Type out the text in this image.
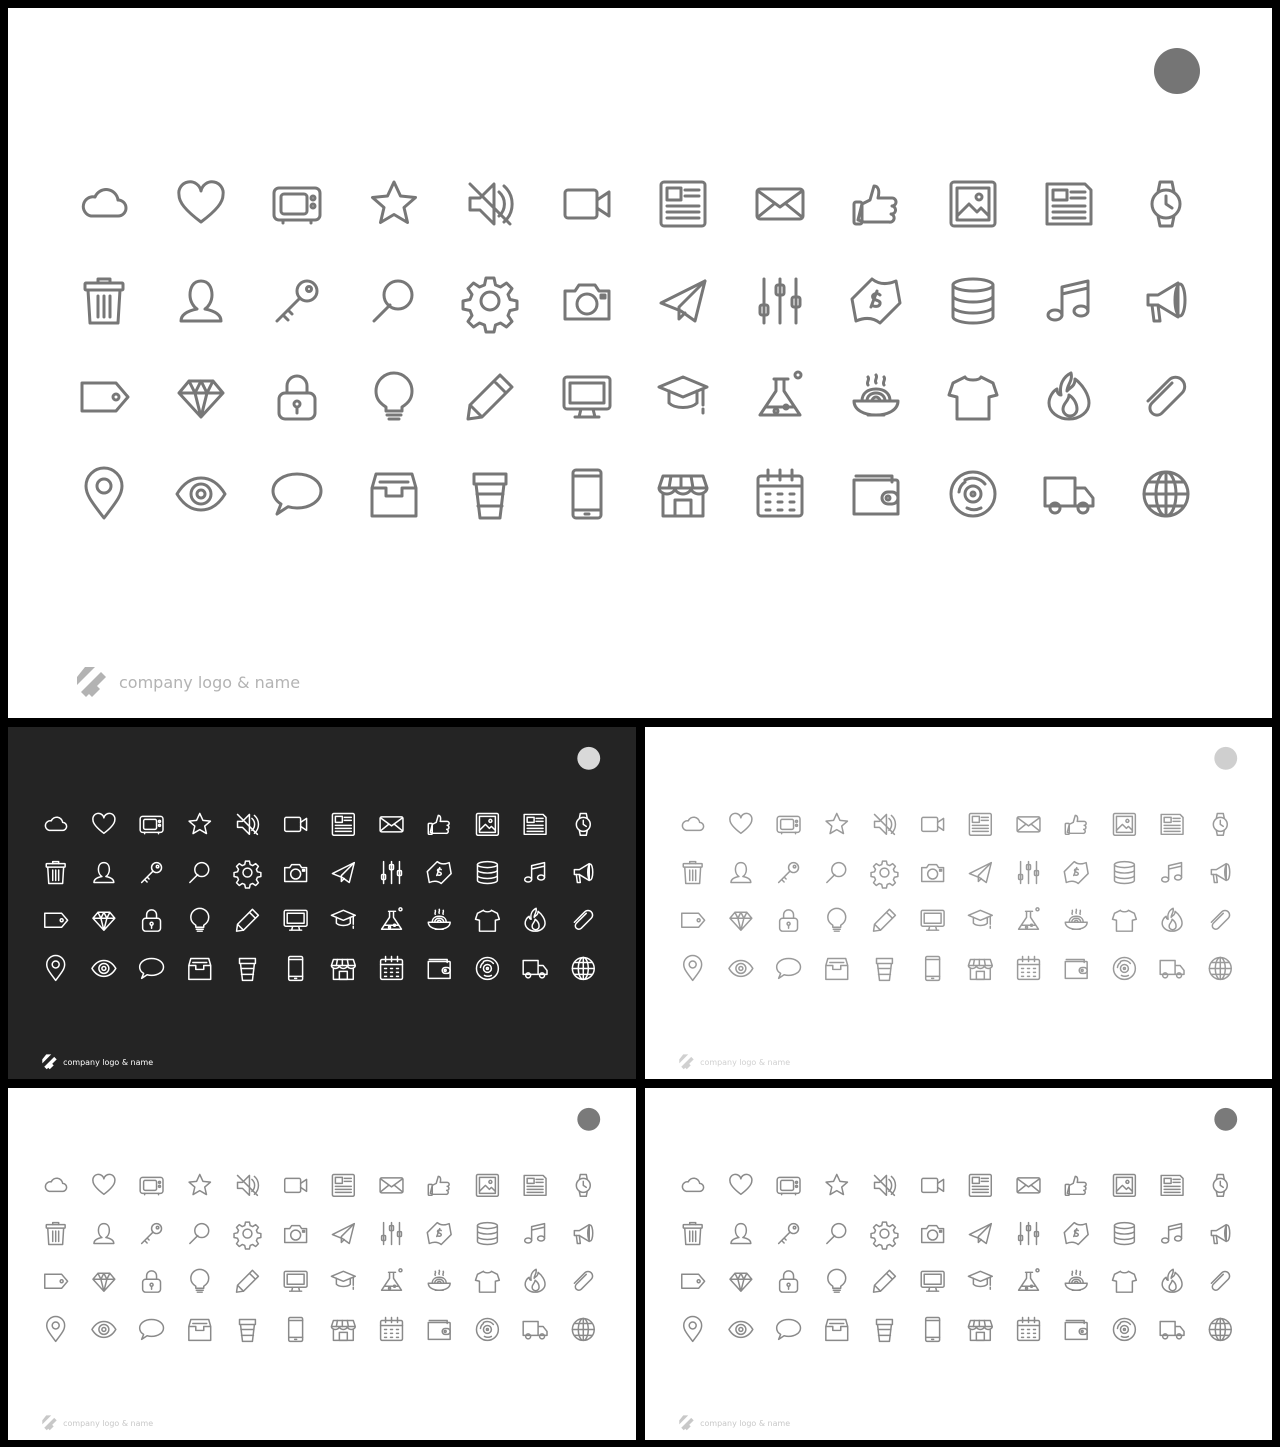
company logo & name
company logo & name	company logo & name
company logo & name	company logo & name
